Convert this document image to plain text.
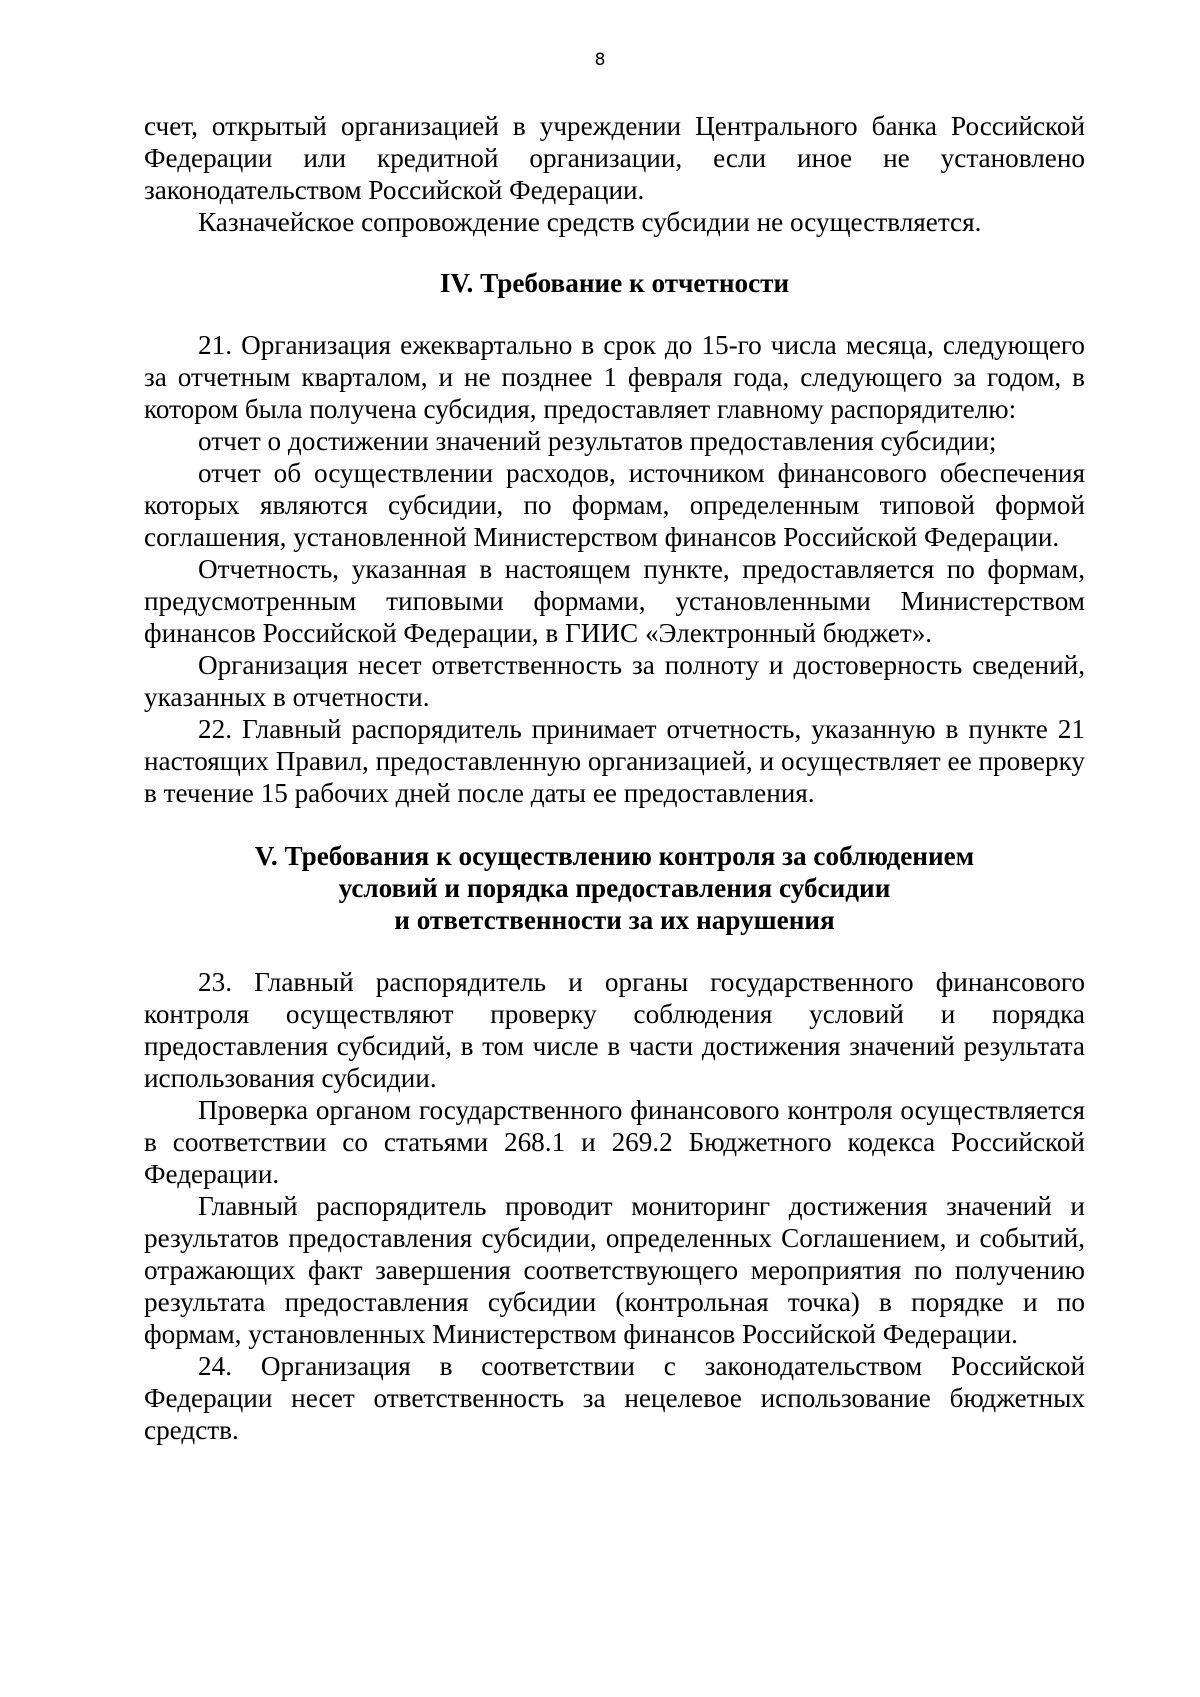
8

счет, открытый организацией в учреждении Центрального банка Российской Федерации или кредитной организации, если иное не установлено законодательством Российской Федерации.

Казначейское сопровождение средств субсидии не осуществляется.

IV. Требование к отчетности

21. Организация ежеквартально в срок до 15-го числа месяца, следующего за отчетным кварталом, и не позднее 1 февраля года, следующего за годом, в котором была получена субсидия, предоставляет главному распорядителю:

отчет о достижении значений результатов предоставления субсидии;

отчет об осуществлении расходов, источником финансового обеспечения которых являются субсидии, по формам, определенным типовой формой соглашения, установленной Министерством финансов Российской Федерации.

Отчетность, указанная в настоящем пункте, предоставляется по формам, предусмотренным типовыми формами, установленными Министерством финансов Российской Федерации, в ГИИС «Электронный бюджет».

Организация несет ответственность за полноту и достоверность сведений, указанных в отчетности.

22. Главный распорядитель принимает отчетность, указанную в пункте 21 настоящих Правил, предоставленную организацией, и осуществляет ее проверку в течение 15 рабочих дней после даты ее предоставления.

V. Требования к осуществлению контроля за соблюдением
условий и порядка предоставления субсидии
и ответственности за их нарушения

23. Главный распорядитель и органы государственного финансового контроля осуществляют проверку соблюдения условий и порядка предоставления субсидий, в том числе в части достижения значений результата использования субсидии.

Проверка органом государственного финансового контроля осуществляется в соответствии со статьями 268.1 и 269.2 Бюджетного кодекса Российской Федерации.

Главный распорядитель проводит мониторинг достижения значений и результатов предоставления субсидии, определенных Соглашением, и событий, отражающих факт завершения соответствующего мероприятия по получению результата предоставления субсидии (контрольная точка) в порядке и по формам, установленных Министерством финансов Российской Федерации.

24. Организация в соответствии с законодательством Российской Федерации несет ответственность за нецелевое использование бюджетных средств.
